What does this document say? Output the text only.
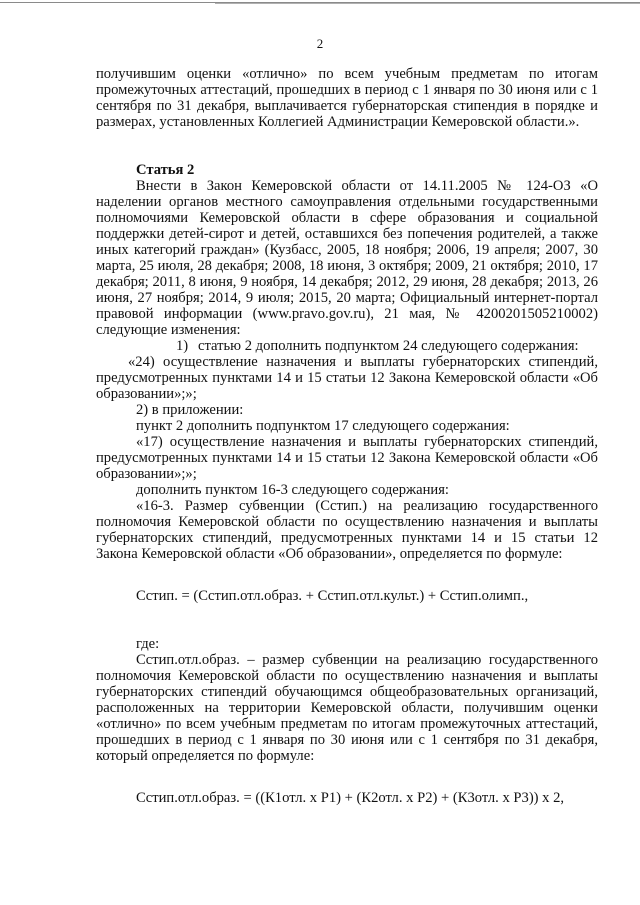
2

получившим оценки «отлично» по всем учебным предметам по итогам промежуточных аттестаций, прошедших в период с 1 января по 30 июня или с 1 сентября по 31 декабря, выплачивается губернаторская стипендия в порядке и размерах, установленных Коллегией Администрации Кемеровской области.».

Статья 2

Внести в Закон Кемеровской области от 14.11.2005 № 124-ОЗ «О наделении органов местного самоуправления отдельными государственными полномочиями Кемеровской области в сфере образования и социальной поддержки детей-сирот и детей, оставшихся без попечения родителей, а также иных категорий граждан» (Кузбасс, 2005, 18 ноября; 2006, 19 апреля; 2007, 30 марта, 25 июля, 28 декабря; 2008, 18 июня, 3 октября; 2009, 21 октября; 2010, 17 декабря; 2011, 8 июня, 9 ноября, 14 декабря; 2012, 29 июня, 28 декабря; 2013, 26 июня, 27 ноября; 2014, 9 июля; 2015, 20 марта; Официальный интернет-портал правовой информации (www.pravo.gov.ru), 21 мая, № 4200201505210002) следующие изменения:

1) статью 2 дополнить подпунктом 24 следующего содержания:

«24) осуществление назначения и выплаты губернаторских стипендий, предусмотренных пунктами 14 и 15 статьи 12 Закона Кемеровской области «Об образовании»;»;

2) в приложении:

пункт 2 дополнить подпунктом 17 следующего содержания:

«17) осуществление назначения и выплаты губернаторских стипендий, предусмотренных пунктами 14 и 15 статьи 12 Закона Кемеровской области «Об образовании»;»;

дополнить пунктом 16-3 следующего содержания:

«16-3. Размер субвенции (Cстип.) на реализацию государственного полномочия Кемеровской области по осуществлению назначения и выплаты губернаторских стипендий, предусмотренных пунктами 14 и 15 статьи 12 Закона Кемеровской области «Об образовании», определяется по формуле:

Cстип. = (Cстип.отл.образ. + Cстип.отл.культ.) + Cстип.олимп.,

где:

Cстип.отл.образ. – размер субвенции на реализацию государственного полномочия Кемеровской области по осуществлению назначения и выплаты губернаторских стипендий обучающимся общеобразовательных организаций, расположенных на территории Кемеровской области, получившим оценки «отлично» по всем учебным предметам по итогам промежуточных аттестаций, прошедших в период с 1 января по 30 июня или с 1 сентября по 31 декабря, который определяется по формуле:

Cстип.отл.образ. = ((К1отл. x Р1) + (К2отл. x Р2) + (К3отл. x Р3)) x 2,
